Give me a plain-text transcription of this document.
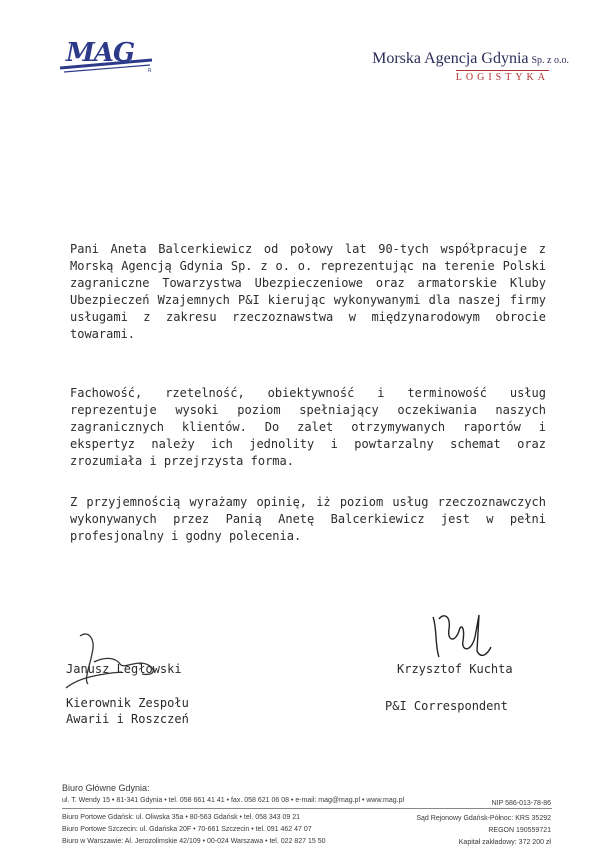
R
MAG	Morska Agencja Gdynia Sp. z o.o.
LOGISTYKA
Pani Aneta Balcerkiewicz od połowy lat 90-tych współpracuje z Morską Agencją Gdynia Sp. z o. o. reprezentując na terenie Polski zagraniczne Towarzystwa Ubezpieczeniowe oraz armatorskie Kluby Ubezpieczeń Wzajemnych P&I kierując wykonywanymi dla naszej firmy usługami z zakresu rzeczoznawstwa w międzynarodowym obrocie towarami.
Fachowość, rzetelność, obiektywność i terminowość usług reprezentuje wysoki poziom spełniający oczekiwania naszych zagranicznych klientów. Do zalet otrzymywanych raportów i ekspertyz należy ich jednolity i powtarzalny schemat oraz zrozumiała i przejrzysta forma.
Z przyjemnością wyrażamy opinię, iż poziom usług rzeczoznawczych wykonywanych przez Panią Anetę Balcerkiewicz jest w pełni profesjonalny i godny polecenia.
Janusz Ległowski
Kierownik Zespołu
Awarii i Roszczeń
Krzysztof Kuchta
P&I Correspondent
Biuro Główne Gdynia:
ul. T. Wendy 15 • 81-341 Gdynia • tel. 058 661 41 41 • fax. 058 621 06 08 • e-mail: mag@mag.pl • www.mag.pl
Biuro Portowe Gdańsk: ul. Oliwska 35a • 80-563 Gdańsk • tel. 058 343 09 21
Biuro Portowe Szczecin: ul. Gdańska 20F • 70-661 Szczecin • tel. 091 462 47 07
Biuro w Warszawie: Al. Jerozolimskie 42/109 • 00-024 Warszawa • tel. 022 827 15 50
NIP 586-013-78-86
Sąd Rejonowy Gdańsk-Północ: KRS 35292
REGON 190559721
Kapitał zakładowy: 372 200 zł
